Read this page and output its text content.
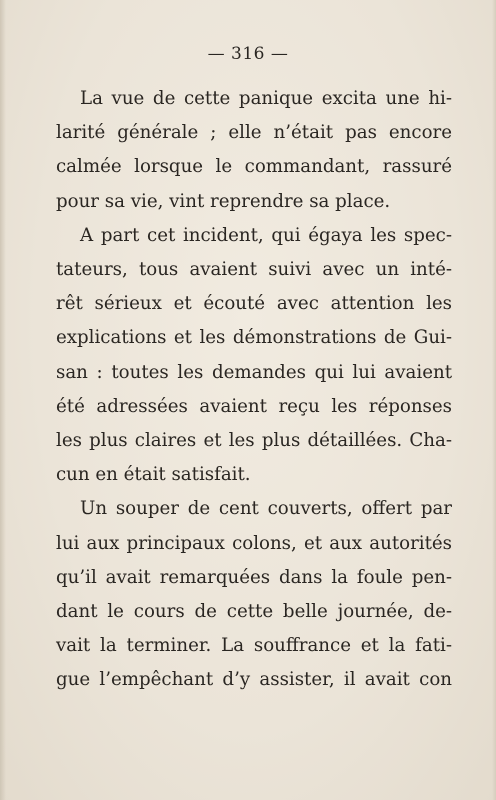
— 316 —
La vue de cette panique excita une hi-
larité générale ; elle n’était pas encore
calmée lorsque le commandant, rassuré
pour sa vie, vint reprendre sa place.
A part cet incident, qui égaya les spec-
tateurs, tous avaient suivi avec un inté-
rêt sérieux et écouté avec attention les
explications et les démonstrations de Gui-
san : toutes les demandes qui lui avaient
été adressées avaient reçu les réponses
les plus claires et les plus détaillées. Cha-
cun en était satisfait.
Un souper de cent couverts, offert par
lui aux principaux colons, et aux autorités
qu’il avait remarquées dans la foule pen-
dant le cours de cette belle journée, de-
vait la terminer. La souffrance et la fati-
gue l’empêchant d’y assister, il avait con
